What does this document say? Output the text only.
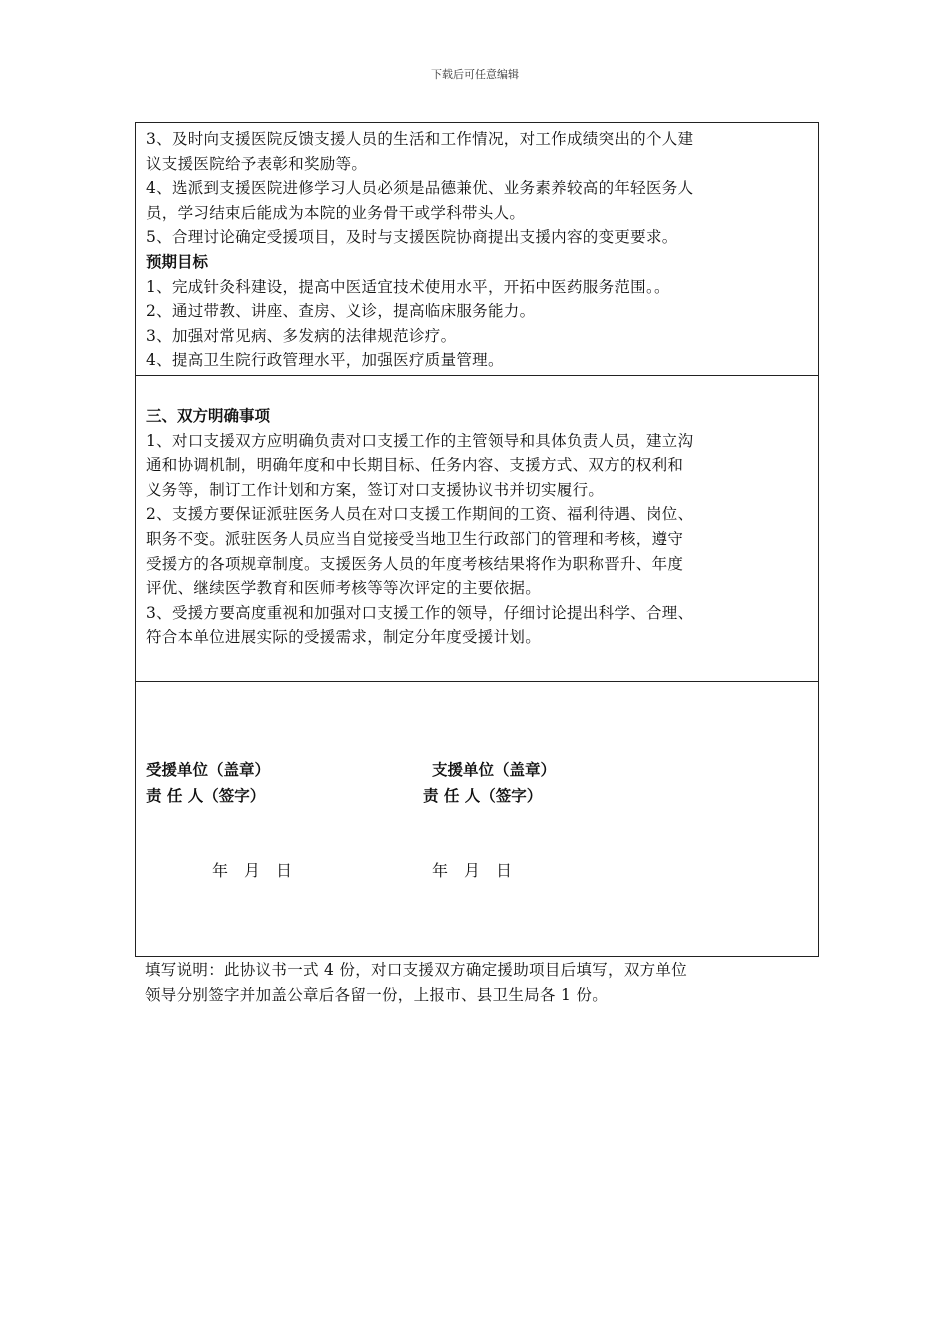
下载后可任意编辑
3、及时向支援医院反馈支援人员的生活和工作情况，对工作成绩突出的个人建
议支援医院给予表彰和奖励等。
4、选派到支援医院进修学习人员必须是品德兼优、业务素养较高的年轻医务人
员，学习结束后能成为本院的业务骨干或学科带头人。
5、合理讨论确定受援项目，及时与支援医院协商提出支援内容的变更要求。
预期目标
1、完成针灸科建设，提高中医适宜技术使用水平，开拓中医药服务范围。。
2、通过带教、讲座、查房、义诊，提高临床服务能力。
3、加强对常见病、多发病的法律规范诊疗。
4、提高卫生院行政管理水平，加强医疗质量管理。
三、双方明确事项
1、对口支援双方应明确负责对口支援工作的主管领导和具体负责人员，建立沟
通和协调机制，明确年度和中长期目标、任务内容、支援方式、双方的权利和
义务等，制订工作计划和方案，签订对口支援协议书并切实履行。
2、支援方要保证派驻医务人员在对口支援工作期间的工资、福利待遇、岗位、
职务不变。派驻医务人员应当自觉接受当地卫生行政部门的管理和考核，遵守
受援方的各项规章制度。支援医务人员的年度考核结果将作为职称晋升、年度
评优、继续医学教育和医师考核等等次评定的主要依据。
3、受援方要高度重视和加强对口支援工作的领导，仔细讨论提出科学、合理、
符合本单位进展实际的受援需求，制定分年度受援计划。
受援单位（盖章）	支援单位（盖章）
责 任 人（签字）	责 任 人（签字）
年　月　日	年　月　日
填写说明：此协议书一式 4 份，对口支援双方确定援助项目后填写，双方单位
领导分别签字并加盖公章后各留一份，上报市、县卫生局各 1 份。
